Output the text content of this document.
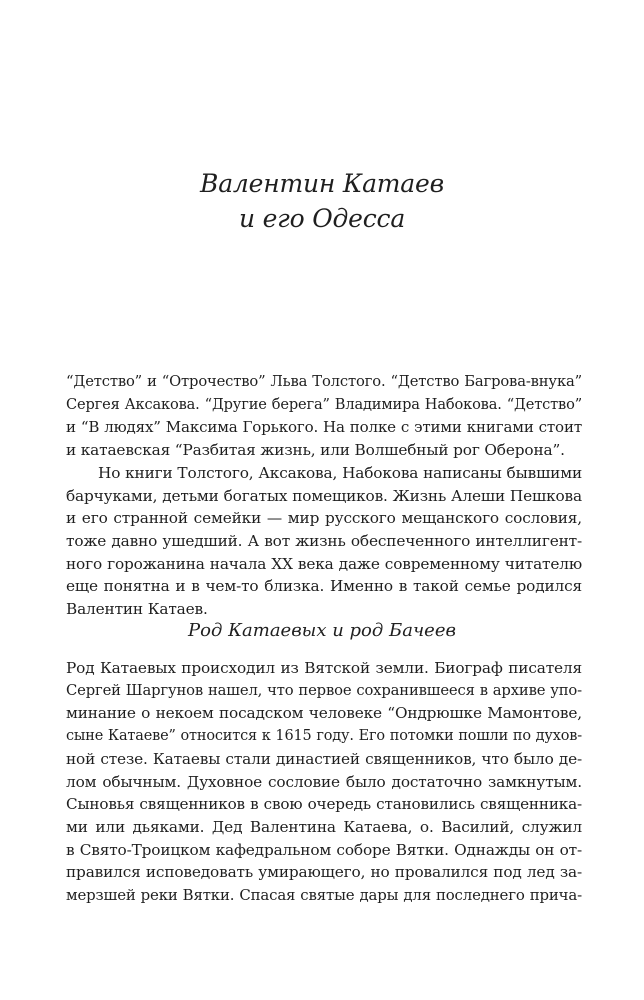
Валентин Катаев
и его Одесса
“Детство” и “Отрочество” Льва Толстого. “Детство Багрова-внука”
Сергея Аксакова. “Другие берега” Владимира Набокова. “Детство”
и “В людях” Максима Горького. На полке с этими книгами стоит
и катаевская “Разбитая жизнь, или Волшебный рог Оберона”.
Но книги Толстого, Аксакова, Набокова написаны бывшими
барчуками, детьми богатых помещиков. Жизнь Алеши Пешкова
и его странной семейки — мир русского мещанского сословия,
тоже давно ушедший. А вот жизнь обеспеченного интеллигент-
ного горожанина начала XX века даже современному читателю
еще понятна и в чем-то близка. Именно в такой семье родился
Валентин Катаев.
Род Катаевых и род Бачеев
Род Катаевых происходил из Вятской земли. Биограф писателя
Сергей Шаргунов нашел, что первое сохранившееся в архиве упо-
минание о некоем посадском человеке “Ондрюшке Мамонтове,
сыне Катаеве” относится к 1615 году. Его потомки пошли по духов-
ной стезе. Катаевы стали династией священников, что было де-
лом обычным. Духовное сословие было достаточно замкнутым.
Сыновья священников в свою очередь становились священника-
ми или дьяками. Дед Валентина Катаева, о. Василий, служил
в Свято-Троицком кафедральном соборе Вятки. Однажды он от-
правился исповедовать умирающего, но провалился под лед за-
мерзшей реки Вятки. Спасая святые дары для последнего прича-
